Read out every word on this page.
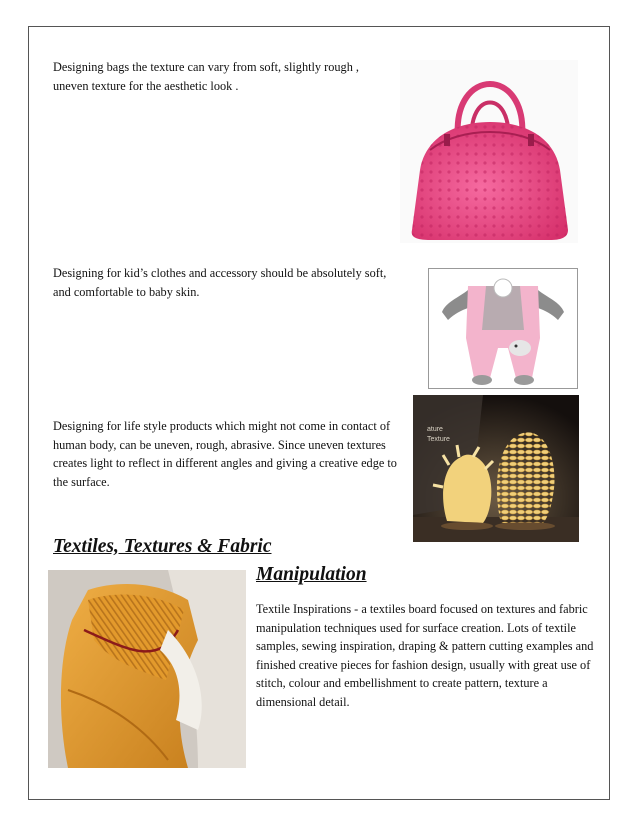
Designing bags the texture can vary from soft, slightly rough , uneven texture for the aesthetic look .

Designing for kid’s clothes and accessory should be absolutely soft, and comfortable to baby skin.

Designing for life style products which might not come in contact of human body, can be uneven, rough, abrasive. Since uneven textures creates light to reflect in different angles and giving a creative edge to the surface.

ature
Texture
Textiles, Textures & Fabric
Manipulation

Textile Inspirations - a textiles board focused on textures and fabric manipulation techniques used for surface creation. Lots of textile samples, sewing inspiration, draping & pattern cutting examples and finished creative pieces for fashion design, usually with great use of stitch, colour and embellishment to create pattern, texture a dimensional detail.
